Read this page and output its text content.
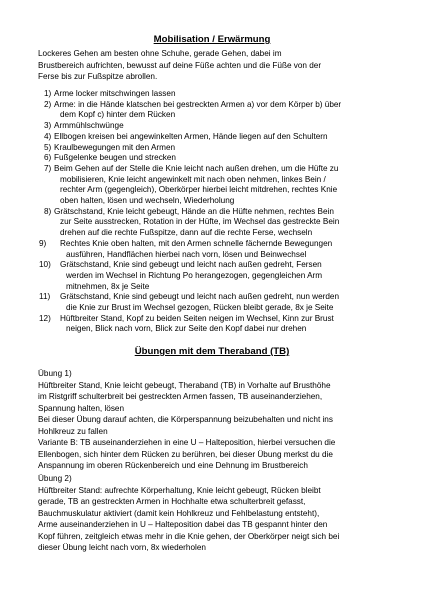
Mobilisation / Erwärmung
Lockeres Gehen am besten ohne Schuhe, gerade Gehen, dabei im
Brustbereich aufrichten, bewusst auf deine Füße achten und die Füße von der
Ferse bis zur Fußspitze abrollen.
1) Arme locker mitschwingen lassen
2) Arme: in die Hände klatschen bei gestreckten Armen a) vor dem Körper b) über
dem Kopf c) hinter dem Rücken
3) Armmühlschwünge
4) Ellbogen kreisen bei angewinkelten Armen, Hände liegen auf den Schultern
5) Kraulbewegungen mit den Armen
6) Fußgelenke beugen und strecken
7) Beim Gehen auf der Stelle die Knie leicht nach außen drehen, um die Hüfte zu
mobilisieren, Knie leicht angewinkelt mit nach oben nehmen, linkes Bein /
rechter Arm (gegengleich), Oberkörper hierbei leicht mitdrehen, rechtes Knie
oben halten, lösen und wechseln, Wiederholung
8) Grätschstand, Knie leicht gebeugt, Hände an die Hüfte nehmen, rechtes Bein
zur Seite ausstrecken, Rotation in der Hüfte, im Wechsel das gestreckte Bein
drehen auf die rechte Fußspitze, dann auf die rechte Ferse, wechseln
9) Rechtes Knie oben halten, mit den Armen schnelle fächernde Bewegungen
ausführen, Handflächen hierbei nach vorn, lösen und Beinwechsel
10) Grätschstand, Knie sind gebeugt und leicht nach außen gedreht, Fersen
werden im Wechsel in Richtung Po herangezogen, gegengleichen Arm
mitnehmen, 8x je Seite
11) Grätschstand, Knie sind gebeugt und leicht nach außen gedreht, nun werden
die Knie zur Brust im Wechsel gezogen, Rücken bleibt gerade, 8x je Seite
12) Hüftbreiter Stand, Kopf zu beiden Seiten neigen im Wechsel, Kinn zur Brust
neigen, Blick nach vorn, Blick zur Seite den Kopf dabei nur drehen
Übungen mit dem Theraband (TB)
Übung 1)
Hüftbreiter Stand, Knie leicht gebeugt, Theraband (TB) in Vorhalte auf Brusthöhe
im Ristgriff schulterbreit bei gestreckten Armen fassen, TB auseinanderziehen,
Spannung halten, lösen
Bei dieser Übung darauf achten, die Körperspannung beizubehalten und nicht ins
Hohlkreuz zu fallen
Variante B: TB auseinanderziehen in eine U – Halteposition, hierbei versuchen die
Ellenbogen, sich hinter dem Rücken zu berühren, bei dieser Übung merkst du die
Anspannung im oberen Rückenbereich und eine Dehnung im Brustbereich
Übung 2)
Hüftbreiter Stand: aufrechte Körperhaltung, Knie leicht gebeugt, Rücken bleibt
gerade, TB an gestreckten Armen in Hochhalte etwa schulterbreit gefasst,
Bauchmuskulatur aktiviert (damit kein Hohlkreuz und Fehlbelastung entsteht),
Arme auseinanderziehen in U – Halteposition dabei das TB gespannt hinter den
Kopf führen, zeitgleich etwas mehr in die Knie gehen, der Oberkörper neigt sich bei
dieser Übung leicht nach vorn, 8x wiederholen
